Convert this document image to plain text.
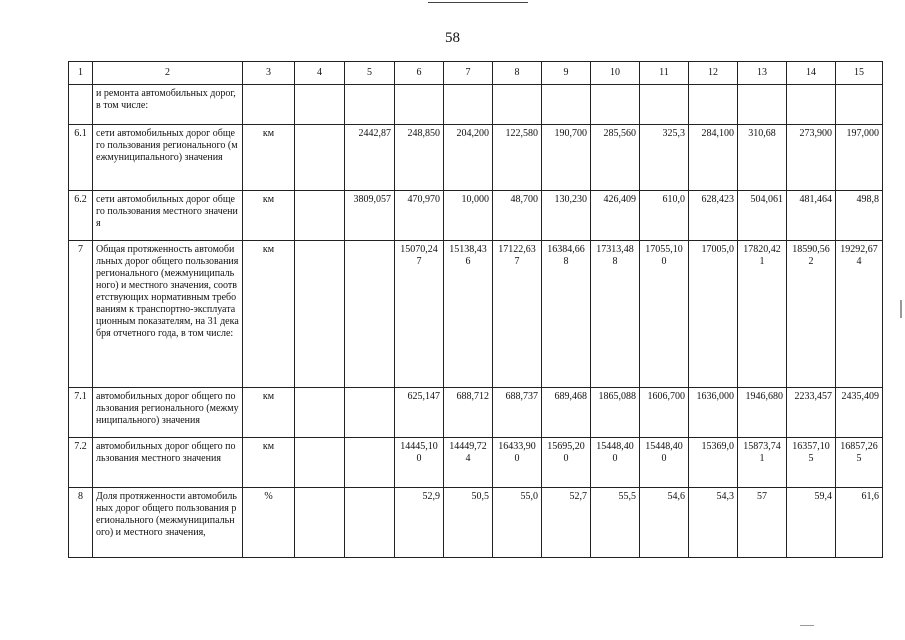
58
1	2	3	4	5	6	7	8	9	10	11	12	13	14	15
	и ремонта автомобильных дорог, в том числе:													
6.1	сети автомобильных дорог общего пользования регионального (межмуниципального) значения	км		2442,87	248,850	204,200	122,580	190,700	285,560	325,3	284,100	310,68	273,900	197,000
6.2	сети автомобильных дорог общего пользования местного значения	км		3809,057	470,970	10,000	48,700	130,230	426,409	610,0	628,423	504,061	481,464	498,8
7	Общая протяженность автомобильных дорог общего пользования регионального (межмуниципального) и местного значения, соответствующих нормативным требованиям к транспортно-эксплуатационным показателям, на 31 декабря отчетного года, в том числе:	км			15070,247	15138,436	17122,637	16384,668	17313,488	17055,100	17005,0	17820,421	18590,562	19292,674
7.1	автомобильных дорог общего пользования регионального (межмуниципального) значения	км			625,147	688,712	688,737	689,468	1865,088	1606,700	1636,000	1946,680	2233,457	2435,409
7.2	автомобильных дорог общего пользования местного значения	км			14445,100	14449,724	16433,900	15695,200	15448,400	15448,400	15369,0	15873,741	16357,105	16857,265
8	Доля протяженности автомобильных дорог общего пользования регионального (межмуниципального) и местного значения,	%			52,9	50,5	55,0	52,7	55,5	54,6	54,3	57	59,4	61,6
